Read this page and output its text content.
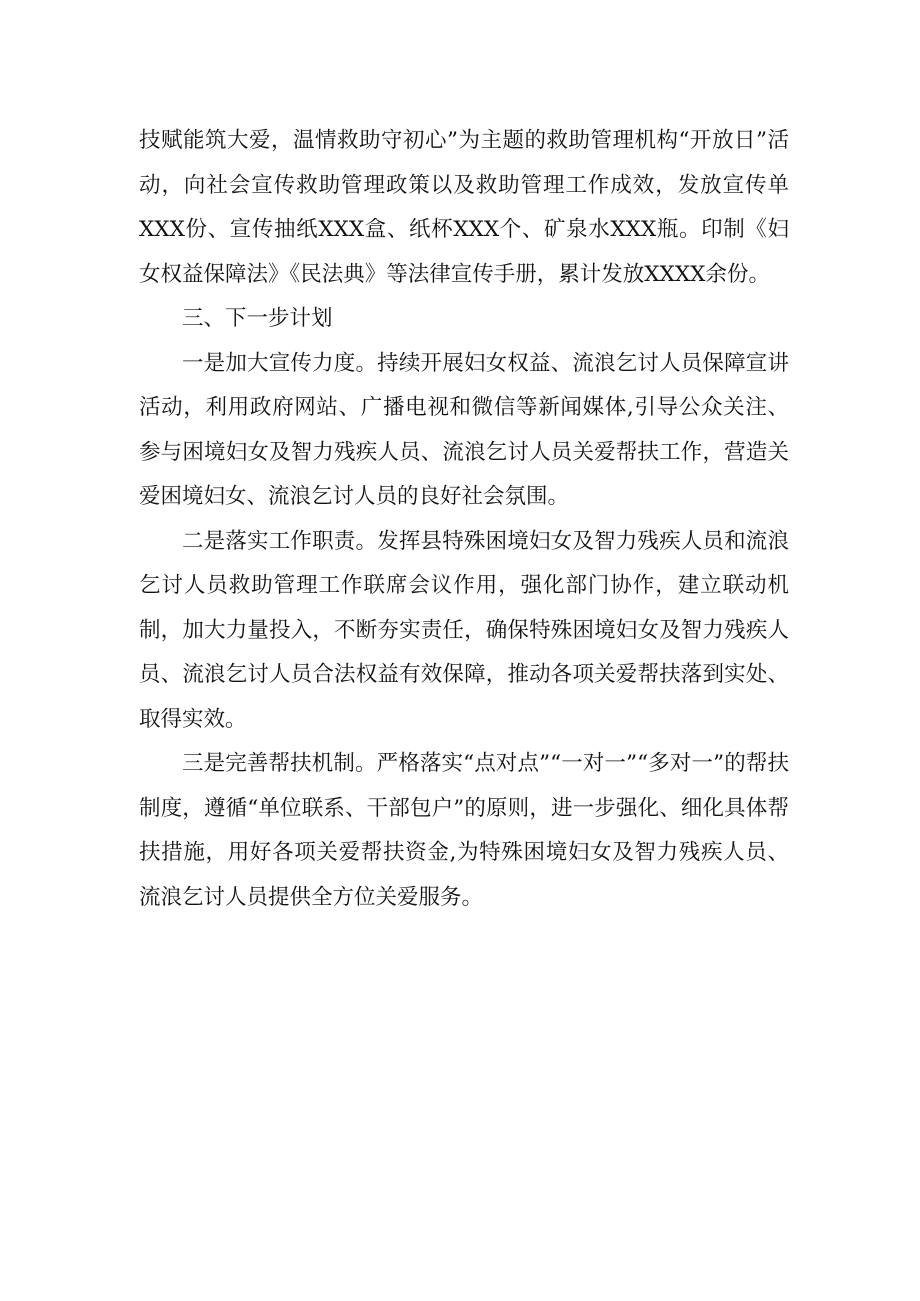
技赋能筑大爱，温情救助守初心”为主题的救助管理机构“开放日”活动，向社会宣传救助管理政策以及救助管理工作成效，发放宣传单XXX份、宣传抽纸XXX盒、纸杯XXX个、矿泉水XXX瓶。印制《妇女权益保障法》《民法典》等法律宣传手册，累计发放XXXX余份。

三、下一步计划

一是加大宣传力度。持续开展妇女权益、流浪乞讨人员保障宣讲活动，利用政府网站、广播电视和微信等新闻媒体,引导公众关注、参与困境妇女及智力残疾人员、流浪乞讨人员关爱帮扶工作，营造关爱困境妇女、流浪乞讨人员的良好社会氛围。

二是落实工作职责。发挥县特殊困境妇女及智力残疾人员和流浪乞讨人员救助管理工作联席会议作用，强化部门协作，建立联动机制，加大力量投入，不断夯实责任，确保特殊困境妇女及智力残疾人员、流浪乞讨人员合法权益有效保障，推动各项关爱帮扶落到实处、取得实效。

三是完善帮扶机制。严格落实“点对点”“一对一”“多对一”的帮扶制度，遵循“单位联系、干部包户”的原则，进一步强化、细化具体帮扶措施，用好各项关爱帮扶资金,为特殊困境妇女及智力残疾人员、流浪乞讨人员提供全方位关爱服务。
